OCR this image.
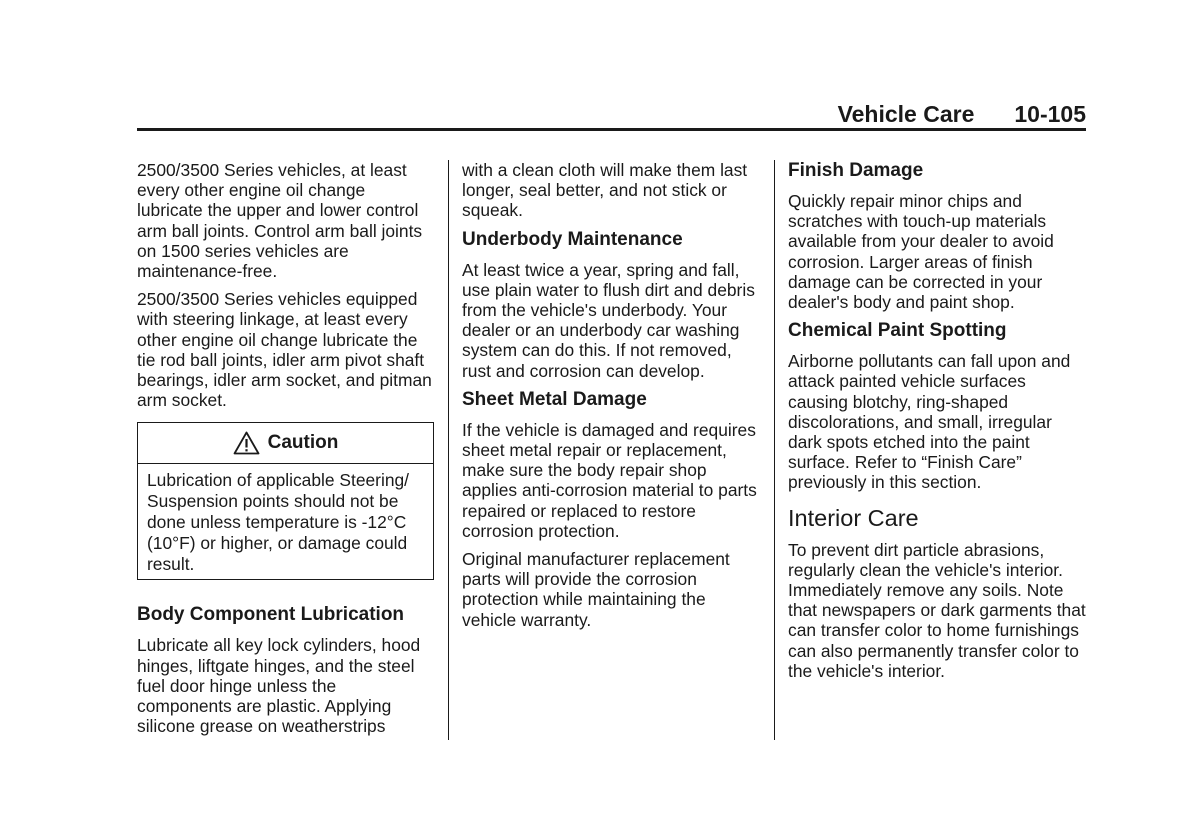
Vehicle Care 10-105

2500/3500 Series vehicles, at least every other engine oil change lubricate the upper and lower control arm ball joints. Control arm ball joints on 1500 series vehicles are maintenance-free.

2500/3500 Series vehicles equipped with steering linkage, at least every other engine oil change lubricate the tie rod ball joints, idler arm pivot shaft bearings, idler arm socket, and pitman arm socket.

Caution

Lubrication of applicable Steering/ Suspension points should not be done unless temperature is -12°C (10°F) or higher, or damage could result.

Body Component Lubrication

Lubricate all key lock cylinders, hood hinges, liftgate hinges, and the steel fuel door hinge unless the components are plastic. Applying silicone grease on weatherstrips

with a clean cloth will make them last longer, seal better, and not stick or squeak.

Underbody Maintenance

At least twice a year, spring and fall, use plain water to flush dirt and debris from the vehicle's underbody. Your dealer or an underbody car washing system can do this. If not removed, rust and corrosion can develop.

Sheet Metal Damage

If the vehicle is damaged and requires sheet metal repair or replacement, make sure the body repair shop applies anti-corrosion material to parts repaired or replaced to restore corrosion protection.

Original manufacturer replacement parts will provide the corrosion protection while maintaining the vehicle warranty.

Finish Damage

Quickly repair minor chips and scratches with touch-up materials available from your dealer to avoid corrosion. Larger areas of finish damage can be corrected in your dealer's body and paint shop.

Chemical Paint Spotting

Airborne pollutants can fall upon and attack painted vehicle surfaces causing blotchy, ring-shaped discolorations, and small, irregular dark spots etched into the paint surface. Refer to “Finish Care” previously in this section.

Interior Care

To prevent dirt particle abrasions, regularly clean the vehicle's interior. Immediately remove any soils. Note that newspapers or dark garments that can transfer color to home furnishings can also permanently transfer color to the vehicle's interior.
